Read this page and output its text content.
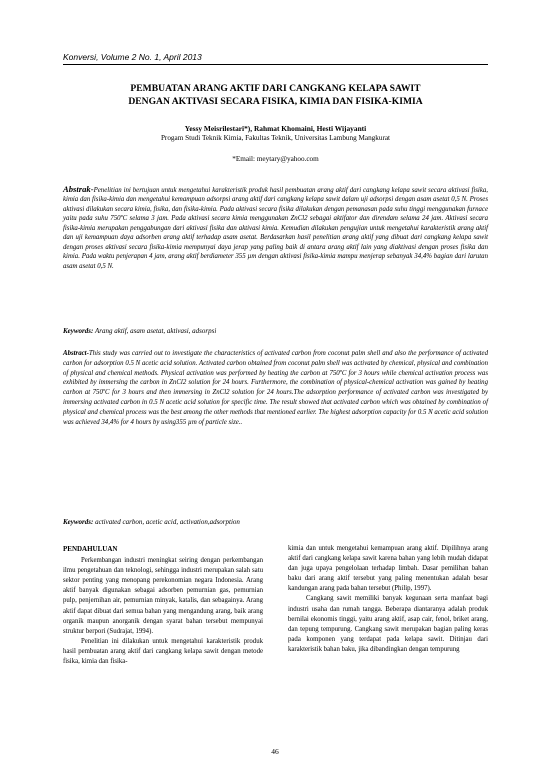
Konversi, Volume 2 No. 1, April 2013
PEMBUATAN ARANG AKTIF DARI CANGKANG KELAPA SAWIT
DENGAN AKTIVASI SECARA FISIKA, KIMIA DAN FISIKA-KIMIA
Yessy Meisrilestari*), Rahmat Khomaini, Hesti Wijayanti
Progam Studi Teknik Kimia, Fakultas Teknik, Universitas Lambung Mangkurat
*Email: meytary@yahoo.com

Abstrak-Penelitian ini bertujuan untuk mengetahui karakteristik produk hasil pembuatan arang aktif dari cangkang kelapa sawit secara aktivasi fisika, kimia dan fisika-kimia dan mengetahui kemampuan adsorpsi arang aktif dari cangkang kelapa sawit dalam uji adsorpsi dengan asam asetat 0,5 N. Proses aktivasi dilakukan secara kimia, fisika, dan fisika-kimia. Pada aktivasi secara fisika dilakukan dengan pemanasan pada suhu tinggi menggunakan furnace yaitu pada suhu 750ºC selama 3 jam. Pada aktivasi secara kimia menggunakan ZnCl2 sebagai aktifator dan direndam selama 24 jam. Aktivasi secara fisika-kimia merupakan penggabungan dari aktivasi fisika dan aktivasi kimia. Kemudian dilakukan pengujian untuk mengetahui karakteristik arang aktif dan uji kemampuan daya adsorben arang aktif terhadap asam asetat. Berdasarkan hasil penelitian arang aktif yang dibuat dari cangkang kelapa sawit dengan proses aktivasi secara fisika-kimia mempunyai daya jerap yang paling baik di antara arang aktif lain yang diaktivasi dengan proses fisika dan kimia. Pada waktu penjerapan 4 jam, arang aktif berdiameter 355 µm dengan aktivasi fisika-kimia mampu menjerap sebanyak 34,4% bagian dari larutan asam asetat 0,5 N.

Keywords: Arang aktif, asam asetat, aktivasi, adsorpsi

Abstract-This study was carried out to investigate the characteristics of activated carbon from coconut palm shell and also the performance of activated carbon for adsorption 0.5 N acetic acid solution. Activated carbon obtained from coconut palm shell was activated by chemical, physical and combination of physical and chemical methods. Physical activation was performed by heating the carbon at 750ºC for 3 hours while chemical activation process was exhibited by immersing the carbon in ZnCl2 solution for 24 hours. Furthermore, the combination of physical-chemical activation was gained by heating carbon at 750ºC for 3 hours and then immersing in ZnCl2 solution for 24 hours.The adsorption performance of activated carbon was investigated by immersing activated carbon in 0.5 N acetic acid solution for specific time. The result showed that activated carbon which was obtained by combination of physical and chemical process was the best among the other methods that mentioned earlier. The highest adsorption capacity for 0.5 N acetic acid solution was achieved 34,4% for 4 hours by using355 µm of particle size..

Keywords: activated carbon, acetic acid, activation,adsorption
PENDAHULUAN

Perkembangan industri meningkat seiring dengan perkembangan ilmu pengetahuan dan teknologi, sehingga industri merupakan salah satu sektor penting yang menopang perekonomian negara Indonesia. Arang aktif banyak digunakan sebagai adsorben pemurnian gas, pemurnian pulp, penjernihan air, pemurnian minyak, katalis, dan sebagainya. Arang aktif dapat dibuat dari semua bahan yang mengandung arang, baik arang organik maupun anorganik dengan syarat bahan tersebut mempunyai struktur berpori (Sudrajat, 1994).

Penelitian ini dilakukan untuk mengetahui karakteristik produk hasil pembuatan arang aktif dari cangkang kelapa sawit dengan metode fisika, kimia dan fisika-

kimia dan untuk mengetahui kemampuan arang aktif. Dipilihnya arang aktif dari cangkang kelapa sawit karena bahan yang lebih mudah didapat dan juga upaya pengelolaan terhadap limbah. Dasar pemilihan bahan baku dari arang aktif tersebut yang paling menentukan adalah besar kandungan arang pada bahan tersebut (Philip, 1997).

Cangkang sawit memiliki banyak kegunaan serta manfaat bagi industri usaha dan rumah tangga. Beberapa diantaranya adalah produk bernilai ekonomis tinggi, yaitu arang aktif, asap cair, fenol, briket arang, dan tepung tempurung. Cangkang sawit merupakan bagian paling keras pada komponen yang terdapat pada kelapa sawit. Ditinjau dari karakteristik bahan baku, jika dibandingkan dengan tempurung

46
